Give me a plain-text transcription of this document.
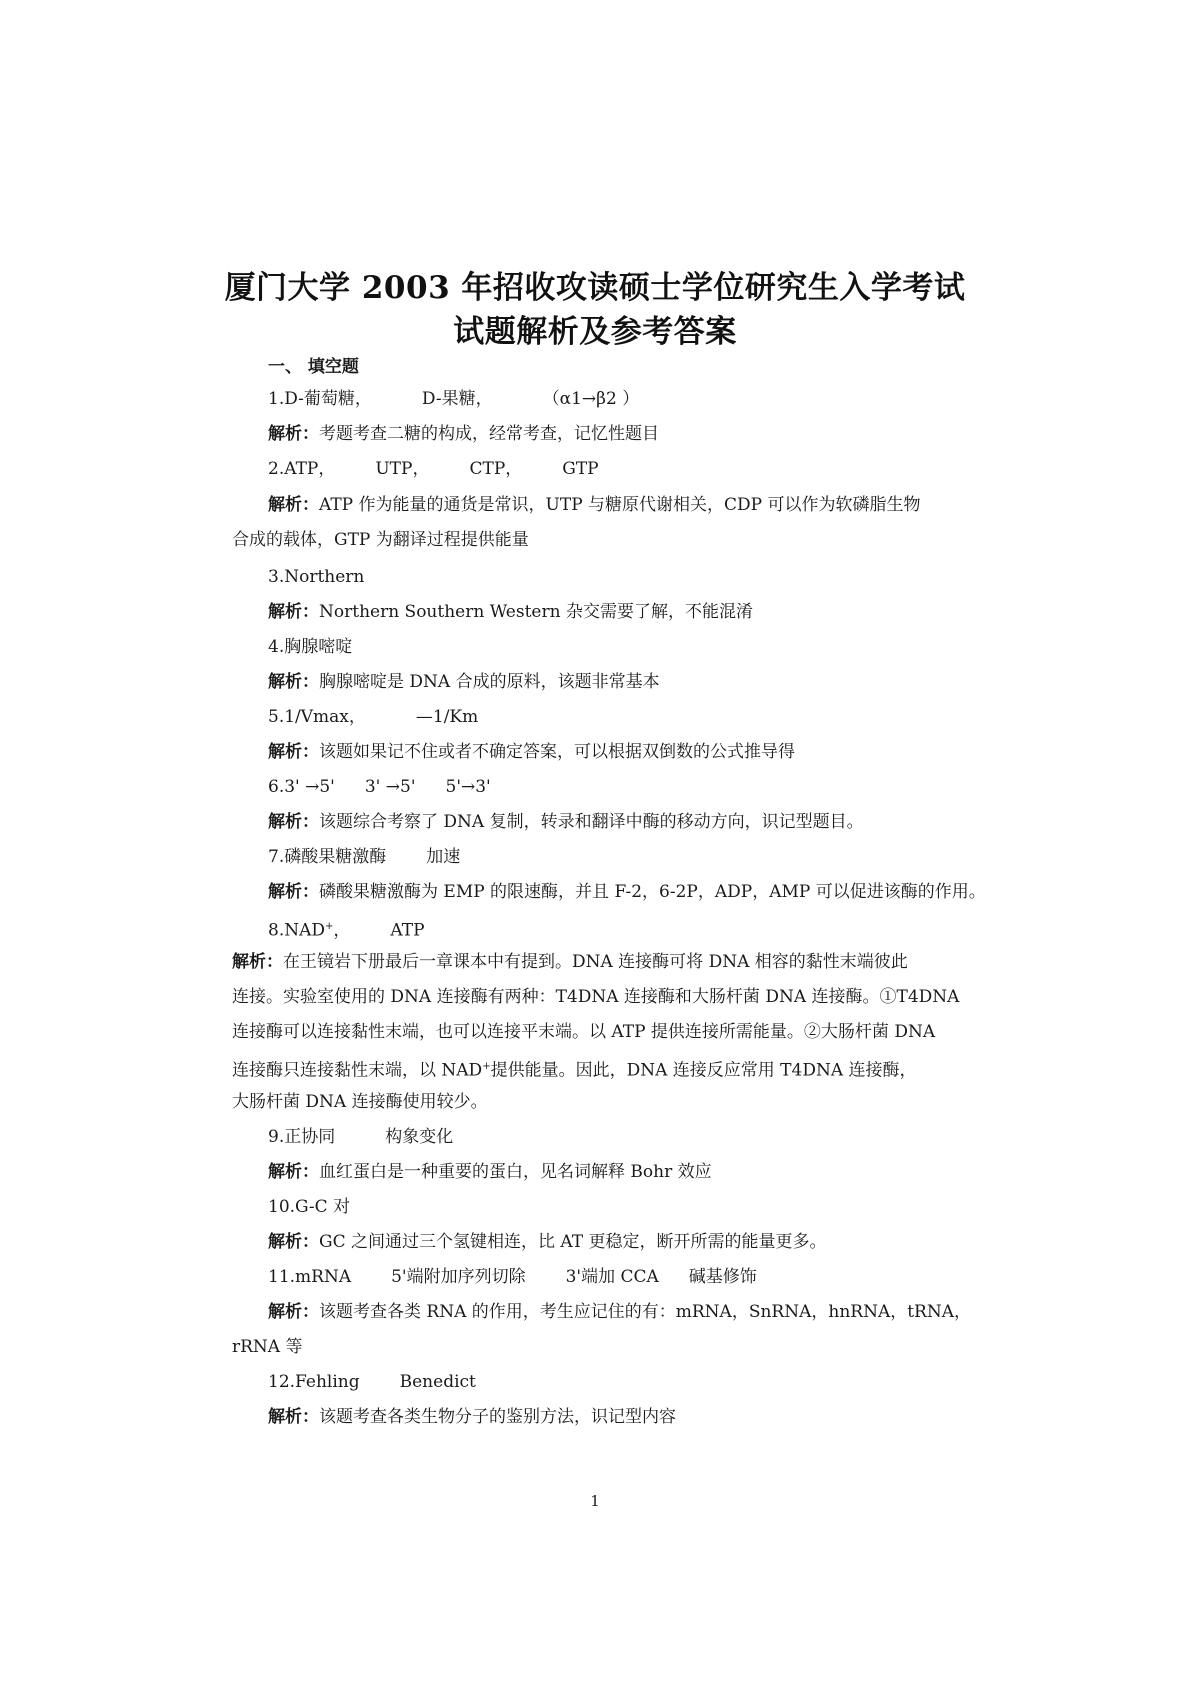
厦门大学 2003 年招收攻读硕士学位研究生入学考试
试题解析及参考答案
一、 填空题
1.D-葡萄糖，	D-果糖，	（α1→β2 ）
解析：考题考查二糖的构成，经常考查，记忆性题目
2.ATP， UTP， CTP， GTP
解析：ATP 作为能量的通货是常识，UTP 与糖原代谢相关，CDP 可以作为软磷脂生物
合成的载体，GTP 为翻译过程提供能量
3.Northern
解析：Northern Southern Western 杂交需要了解，不能混淆
4.胸腺嘧啶
解析：胸腺嘧啶是 DNA 合成的原料，该题非常基本
5.1/Vmax，	—1/Km
解析：该题如果记不住或者不确定答案，可以根据双倒数的公式推导得
6.3' →5' 3' →5' 5'→3'
解析：该题综合考察了 DNA 复制，转录和翻译中酶的移动方向，识记型题目。
7.磷酸果糖激酶 加速
解析：磷酸果糖激酶为 EMP 的限速酶，并且 F-2，6-2P，ADP，AMP 可以促进该酶的作用。
8.NAD+， ATP
解析：在王镜岩下册最后一章课本中有提到。DNA 连接酶可将 DNA 相容的黏性末端彼此
连接。实验室使用的 DNA 连接酶有两种：T4DNA 连接酶和大肠杆菌 DNA 连接酶。①T4DNA
连接酶可以连接黏性末端，也可以连接平末端。以 ATP 提供连接所需能量。②大肠杆菌 DNA
连接酶只连接黏性末端，以 NAD+提供能量。因此，DNA 连接反应常用 T4DNA 连接酶，
大肠杆菌 DNA 连接酶使用较少。
9.正协同	构象变化
解析：血红蛋白是一种重要的蛋白，见名词解释 Bohr 效应
10.G-C 对
解析：GC 之间通过三个氢键相连，比 AT 更稳定，断开所需的能量更多。
11.mRNA 5'端附加序列切除 3'端加 CCA 碱基修饰
解析：该题考查各类 RNA 的作用，考生应记住的有：mRNA，SnRNA，hnRNA，tRNA，
rRNA 等
12.Fehling Benedict
解析：该题考查各类生物分子的鉴别方法，识记型内容
1
